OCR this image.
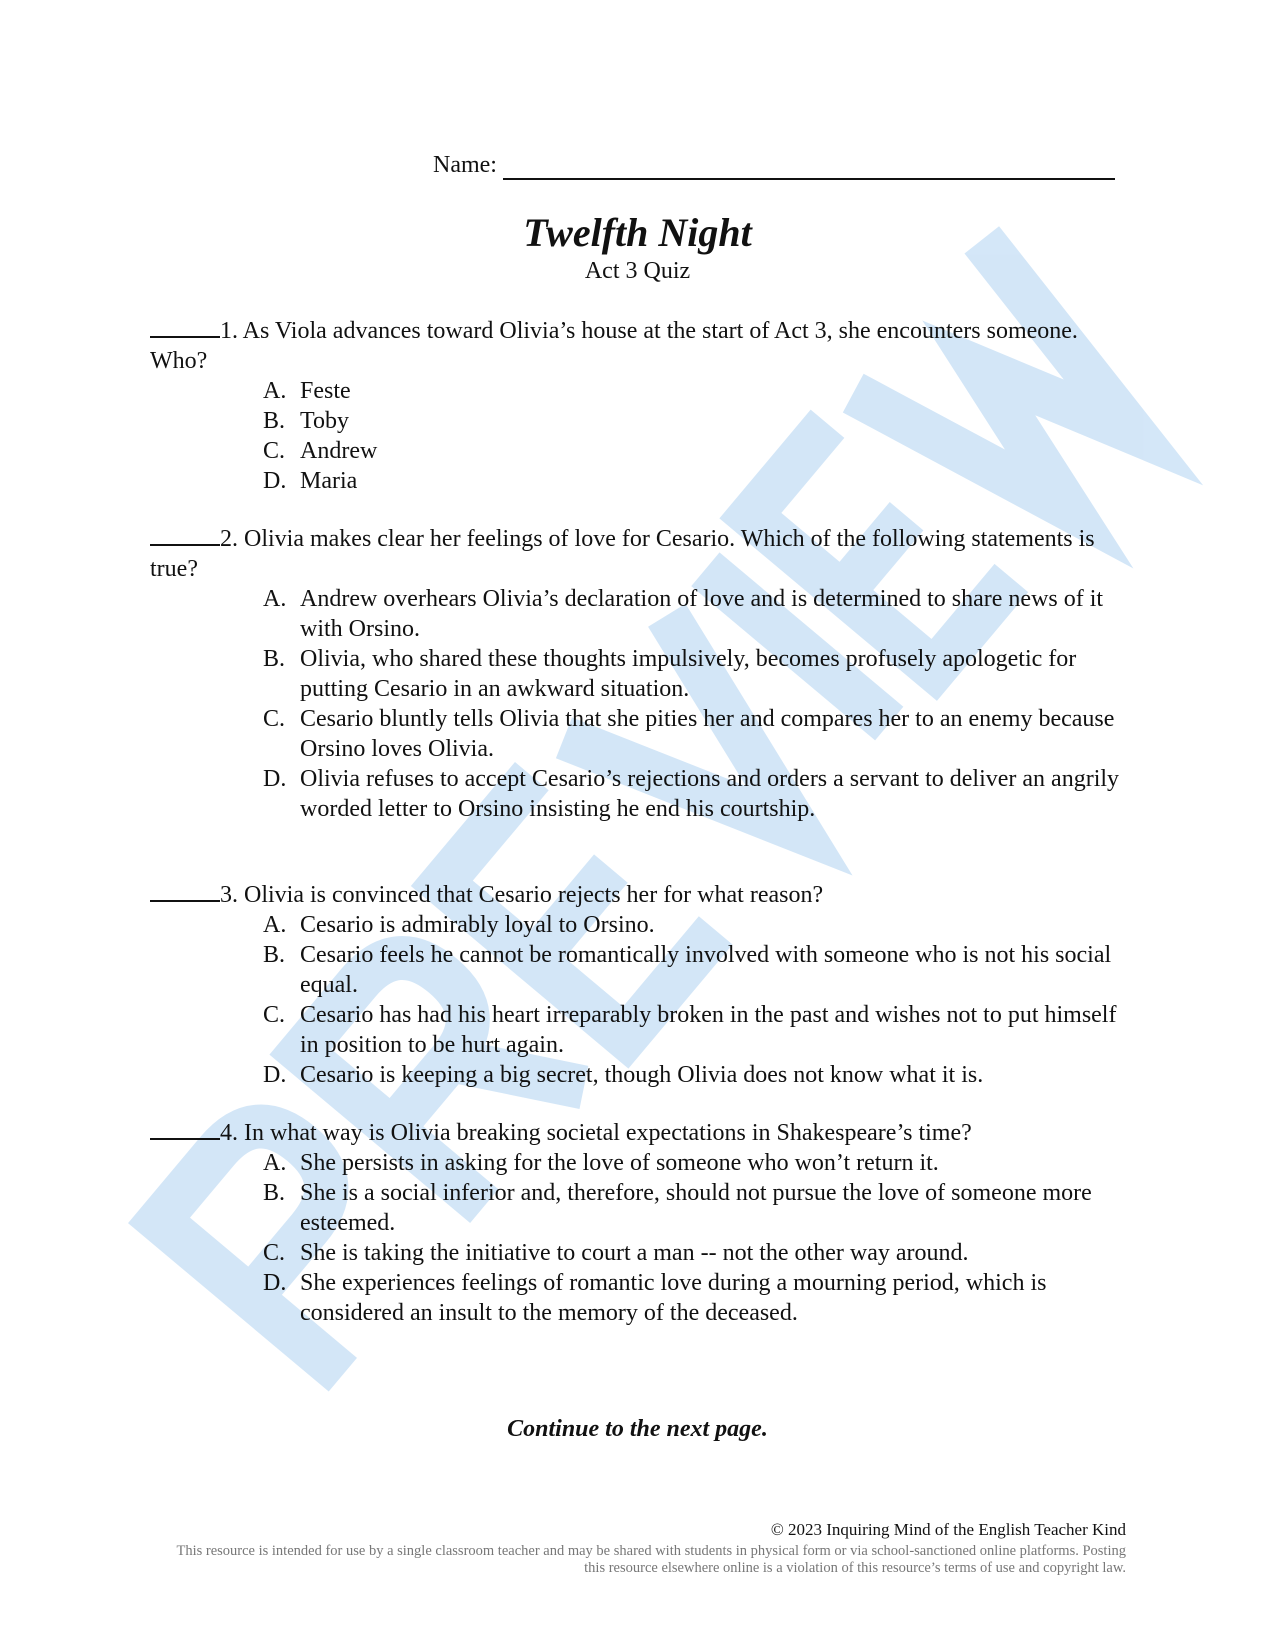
Name:
Twelfth Night
Act 3 Quiz
1. As Viola advances toward Olivia’s house at the start of Act 3, she encounters someone. Who?
A. Feste
B. Toby
C. Andrew
D. Maria
2. Olivia makes clear her feelings of love for Cesario. Which of the following statements is true?
A. Andrew overhears Olivia’s declaration of love and is determined to share news of it with Orsino.
B. Olivia, who shared these thoughts impulsively, becomes profusely apologetic for putting Cesario in an awkward situation.
C. Cesario bluntly tells Olivia that she pities her and compares her to an enemy because Orsino loves Olivia.
D. Olivia refuses to accept Cesario’s rejections and orders a servant to deliver an angrily worded letter to Orsino insisting he end his courtship.
3. Olivia is convinced that Cesario rejects her for what reason?
A. Cesario is admirably loyal to Orsino.
B. Cesario feels he cannot be romantically involved with someone who is not his social equal.
C. Cesario has had his heart irreparably broken in the past and wishes not to put himself in position to be hurt again.
D. Cesario is keeping a big secret, though Olivia does not know what it is.
4. In what way is Olivia breaking societal expectations in Shakespeare’s time?
A. She persists in asking for the love of someone who won’t return it.
B. She is a social inferior and, therefore, should not pursue the love of someone more esteemed.
C. She is taking the initiative to court a man -- not the other way around.
D. She experiences feelings of romantic love during a mourning period, which is considered an insult to the memory of the deceased.
Continue to the next page.
© 2023 Inquiring Mind of the English Teacher Kind
This resource is intended for use by a single classroom teacher and may be shared with students in physical form or via school-sanctioned online platforms. Posting this resource elsewhere online is a violation of this resource’s terms of use and copyright law.
